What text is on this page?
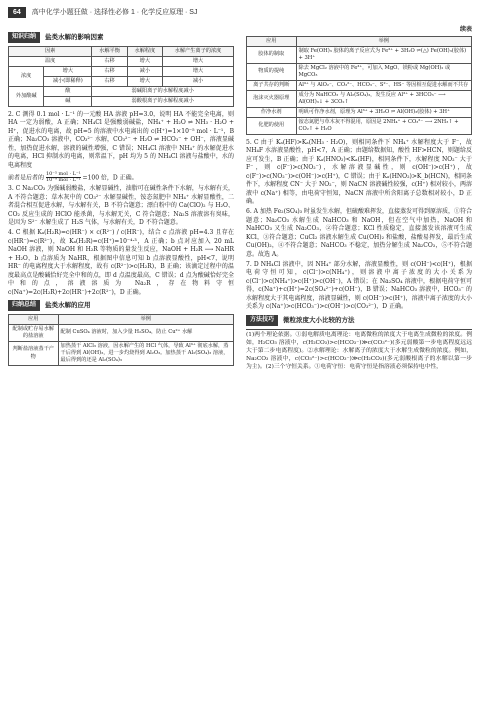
64	高中化学小题狂做 · 选择性必修 1 · 化学反应原理 · SJ
知识归纳	盐类水解的影响因素
因素		水解平衡	水解程度	水解产生离子的浓度
温度		右移	增大	增大
浓度	增大	右移	减小	增大
	减小(即稀释)	右移	增大	减小
外加酸碱	酸	弱碱阳离子的水解程度减小		
	碱	弱酸根离子的水解程度减小		

2. C 测得 0.1 mol · L⁻¹ 的一元酸 HA 溶液 pH=3.0，说明 HA 不能完全电离，则 HA 一定为弱酸，A 正确；NH₄Cl 是强酸弱碱盐，NH₄⁺ + H₂O ⇌ NH₃ · H₂O + H⁺，促进水的电离，故 pH=5 的溶液中水电离出的 c(H⁺)=1×10⁻⁵ mol · L⁻¹，B 正确；Na₂CO₃ 溶液中，CO₃²⁻ 水解，CO₃²⁻ + H₂O ⇌ HCO₃⁻ + OH⁻，溶液显碱性，加热促进水解，溶液的碱性增强，C 错误；NH₄Cl 溶液中 NH₄⁺ 的水解促进水的电离，HCl 抑制水的电离，则常温下，pH 均为 5 的 NH₄Cl 溶液与盐酸中，水的电离程度

前者是后者的 $\frac{\text{10⁻⁵ mol · L⁻¹}}{\text{10⁻⁹ mol · L⁻¹}} =100$ 倍，D 正确。

3. C Na₂CO₃ 为强碱弱酸盐，水解显碱性，油脂可在碱性条件下水解，与水解有关，A 不符合题意；草木灰中的 CO₃²⁻ 水解显碱性，铵态氮肥中 NH₄⁺ 水解显酸性，二者混合相互促进水解，与水解有关，B 不符合题意；漂白粉中的 Ca(ClO)₂ 与 H₂O、CO₂ 反应生成的 HClO 能杀菌，与水解无关，C 符合题意；Na₂S 溶液溶有臭味，是因为 S²⁻ 水解生成了 H₂S 气体，与水解有关，D 不符合题意。

4. C 根据 Kₐ(H₂R)=c(HR⁻) × c(R²⁻) / c(HR⁻)，结合 c 点溶液 pH=4.3 且存在 c(HR⁻)=c(R²⁻)，故 Kₐ(H₂R)=c(H⁺)=10⁻⁴·³，A 正确；b 点对应加入 20 mL NaOH 溶液，则 NaOH 和 H₂R 等物质的量发生反应，NaOH + H₂R ⟶ NaHR + H₂O，b 点溶质为 NaHR，根据图中信息可知 b 点溶液显酸性，pH<7，说明 HR⁻ 的电离程度大于水解程度，故有 c(R²⁻)>c(H₂R)，B 正确；该滴定过程中的温度最高点是酸碱恰好完全中和的点，即 d 点温度最高，C 错误；d 点为酸碱恰好完全中和的点，溶液溶质为 Na₂R，存在物料守恒 c(Na⁺)=2c(H₂R)+2c(HR⁻)+2c(R²⁻)，D 正确。

归纳总结	盐类水解的应用
应用	举例
配制或贮存易水解的盐溶液	配制 CuSO₄ 溶液时，加入少量 H₂SO₄，防止 Cu²⁺ 水解
判断盐溶液蒸干产物	加热蒸干 AlCl₃ 溶液，因水解产生的 HCl 气体，导致 Al³⁺ 彻底水解，蒸干后得到 Al(OH)₃，进一步灼烧得到 Al₂O₃。加热蒸干 Al₂(SO₄)₃ 溶液，最后得到的还是 Al₂(SO₄)₃
续表
应用	举例
胶体的制取	制取 Fe(OH)₃ 胶体的离子反应式为 Fe³⁺ + 3H₂O ⇌(△) Fe(OH)₃(胶体) + 3H⁺
物质的提纯	除去 MgCl₂ 溶液中的 Fe³⁺，可加入 MgO、镁粉或 Mg(OH)₂ 或 MgCO₃
离子共存的判断	Al³⁺ 与 AlO₂⁻、CO₃²⁻、HCO₃⁻、S²⁻、HS⁻ 等因相互促进水解而不共存
泡沫灭火器原理	成分为 NaHCO₃ 与 Al₂(SO₄)₃，发生反应 Al³⁺ + 3HCO₃⁻ ⟶ Al(OH)₃↓ + 3CO₂↑
作净水剂	明矾可作净水剂，原理为 Al³⁺ + 3H₂O ⇌ Al(OH)₃(胶体) + 3H⁺
化肥的使用	铵态氮肥与草木灰不得混用，原因是 2NH₄⁺ + CO₃²⁻ ⟶ 2NH₃↑ + CO₂↑ + H₂O

5. C 由于 Kₐ(HF)>Kₐ(NH₃ · H₂O)，则相同条件下 NH₄⁺ 水解程度大于 F⁻，故 NH₄F 水溶液显酸性，pH<7，A 正确；由题给数据知，酸性 HF>HCN，则题给反应可发生，B 正确；由于 Kₐ(HNO₂)<Kₐ(HF)，相同条件下，水解程度 NO₂⁻ 大于 F⁻，则 c(F⁻)>c(NO₂⁻)，水解溶液显碱性，则 c(OH⁻)>c(H⁺)，故 c(F⁻)>c(NO₂⁻)>c(OH⁻)>c(H⁺)，C 错误；由于 Kₐ(HNO₂)>K_b(HCN)，相同条件下，水解程度 CN⁻ 大于 NO₂⁻，则 NaCN 溶液碱性较强，c(H⁺) 相对较小，两溶液中 c(Na⁺) 相等，由电荷守恒知，NaCN 溶液中所含阳离子总数相对较小，D 正确。

6. A 加热 Fe₂(SO₄)₃ 时虽发生水解，但硫酸难挥发，直接蒸发可得到原溶质，①符合题意；Na₂CO₃ 水解生成 NaHCO₃ 和 NaOH，但在空气中加热，NaOH 和 NaHCO₃ 又生成 Na₂CO₃，②符合题意；KCl 性质稳定，直接蒸发该溶液可生成 KCl，③符合题意；CuCl₂ 溶液水解生成 Cu(OH)₂ 和盐酸，盐酸易挥发，最后生成 Cu(OH)₂，④不符合题意；NaHCO₃ 不稳定，加热分解生成 Na₂CO₃，⑤不符合题意。故选 A。

7. D NH₄Cl 溶液中，因 NH₄⁺ 部分水解，溶液显酸性，则 c(OH⁻)<c(H⁺)，根据电荷守恒可知，c(Cl⁻)>c(NH₄⁺)，则溶液中离子浓度的大小关系为 c(Cl⁻)>c(NH₄⁺)>c(H⁺)>c(OH⁻)，A 错误；在 Na₂SO₄ 溶液中，根据电荷守恒可得，c(Na⁺)+c(H⁺)=2c(SO₄²⁻)+c(OH⁻)，B 错误；NaHCO₃ 溶液中，HCO₃⁻ 的水解程度大于其电离程度，溶液显碱性，则 c(OH⁻)>c(H⁺)，溶液中离子浓度的大小关系为 c(Na⁺)>c(HCO₃⁻)>c(OH⁻)>c(CO₃²⁻)，D 正确。

方法技巧	微粒浓度大小比较的方法

(1)两个理论依据。①弱电解质电离理论：电离微粒的浓度大于电离生成微粒的浓度。例如，H₂CO₃ 溶液中，c(H₂CO₃)>c(HCO₃⁻)≫c(CO₃²⁻)(多元弱酸第一步电离程度远远大于第二步电离程度)。②水解理论：水解离子的浓度大于水解生成微粒的浓度。例如，Na₂CO₃ 溶液中，c(CO₃²⁻)>c(HCO₃⁻)≫c(H₂CO₃)(多元弱酸根离子的水解以第一步为主)。(2)三个守恒关系。①电荷守恒：电荷守恒是指溶液必须保持电中性，
